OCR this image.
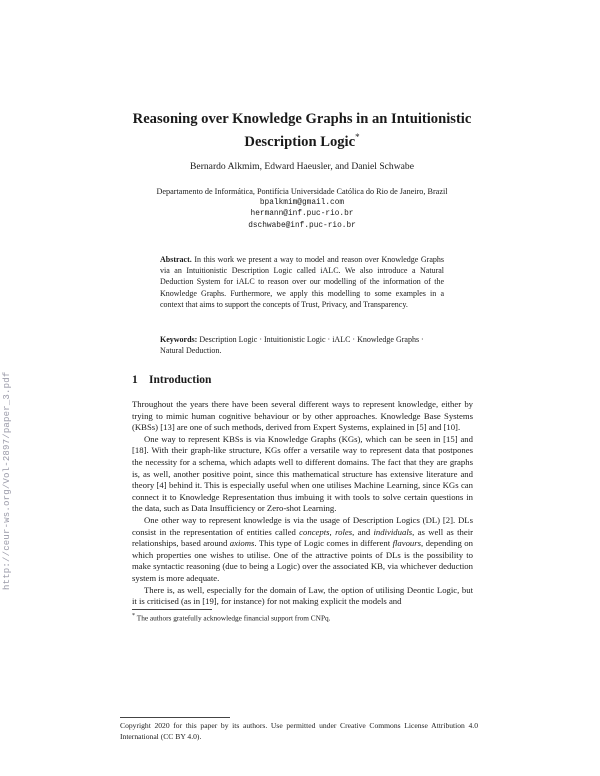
http://ceur-ws.org/Vol-2897/paper_3.pdf
Reasoning over Knowledge Graphs in an Intuitionistic
Description Logic*
Bernardo Alkmim, Edward Haeusler, and Daniel Schwabe
Departamento de Informática, Pontifícia Universidade Católica do Rio de Janeiro, Brazil
bpalkmim@gmail.com
hermann@inf.puc-rio.br
dschwabe@inf.puc-rio.br
Abstract. In this work we present a way to model and reason over Knowledge Graphs via an Intuitionistic Description Logic called iALC. We also introduce a Natural Deduction System for iALC to reason over our modelling of the information of the Knowledge Graphs. Furthermore, we apply this modelling to some examples in a context that aims to support the concepts of Trust, Privacy, and Transparency.
Keywords: Description Logic · Intuitionistic Logic · iALC · Knowledge Graphs · Natural Deduction.
1 Introduction

Throughout the years there have been several different ways to represent knowledge, either by trying to mimic human cognitive behaviour or by other approaches. Knowledge Base Systems (KBSs) [13] are one of such methods, derived from Expert Systems, explained in [5] and [10].

One way to represent KBSs is via Knowledge Graphs (KGs), which can be seen in [15] and [18]. With their graph-like structure, KGs offer a versatile way to represent data that postpones the necessity for a schema, which adapts well to different domains. The fact that they are graphs is, as well, another positive point, since this mathematical structure has extensive literature and theory [4] behind it. This is especially useful when one utilises Machine Learning, since KGs can connect it to Knowledge Representation thus imbuing it with tools to solve certain questions in the data, such as Data Insufficiency or Zero-shot Learning.

One other way to represent knowledge is via the usage of Description Logics (DL) [2]. DLs consist in the representation of entities called concepts, roles, and individuals, as well as their relationships, based around axioms. This type of Logic comes in different flavours, depending on which properties one wishes to utilise. One of the attractive points of DLs is the possibility to make syntactic reasoning (due to being a Logic) over the associated KB, via whichever deduction system is more adequate.

There is, as well, especially for the domain of Law, the option of utilising Deontic Logic, but it is criticised (as in [19], for instance) for not making explicit the models and

* The authors gratefully acknowledge financial support from CNPq.
Copyright 2020 for this paper by its authors. Use permitted under Creative Commons License Attribution 4.0 International (CC BY 4.0).
